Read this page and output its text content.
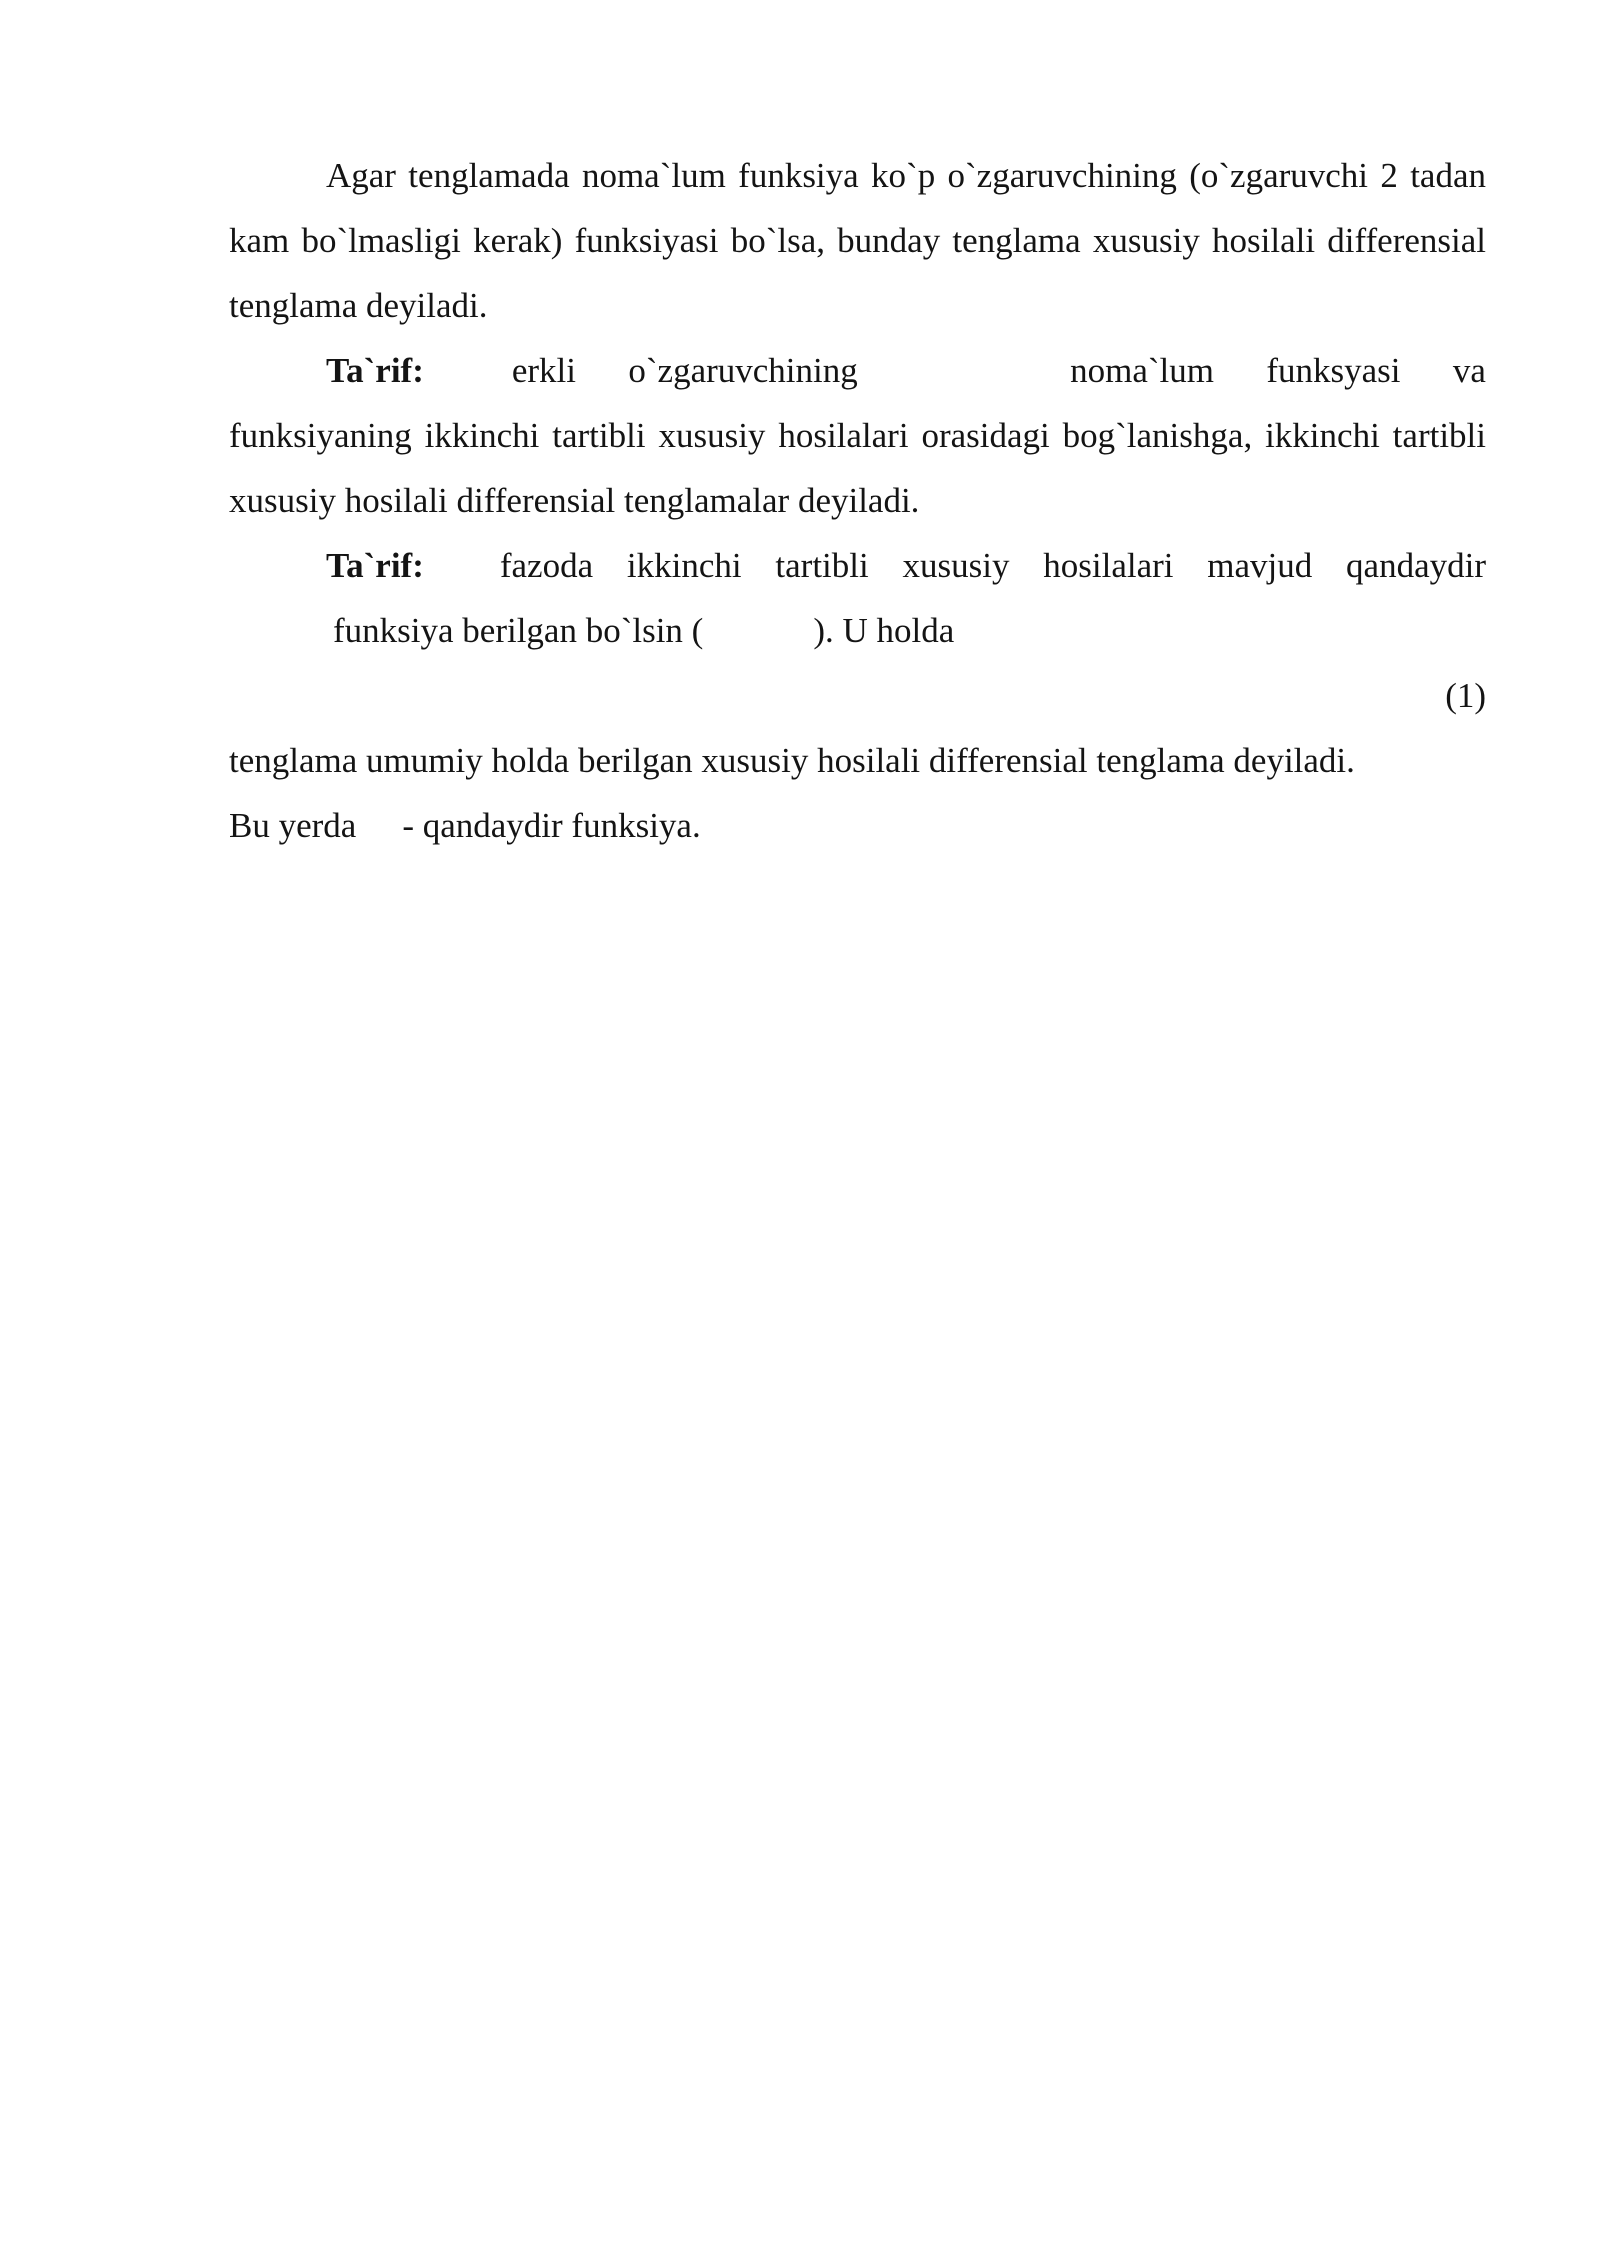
Agar tenglamada noma`lum funksiya ko`p o`zgaruvchining (o`zgaruvchi 2 tadan kam bo`lmasligi kerak) funksiyasi bo`lsa, bunday tenglama xususiy hosilali differensial tenglama deyiladi.

Ta`rif:	erkli o`zgaruvchining	noma`lum funksyasi va

funksiyaning ikkinchi tartibli xususiy hosilalari orasidagi bog`lanishga, ikkinchi tartibli xususiy hosilali differensial tenglamalar deyiladi.

Ta`rif: fazoda ikkinchi tartibli xususiy hosilalari mavjud qandaydir
funksiya berilgan bo`lsin (	). U holda
(1)
tenglama umumiy holda berilgan xususiy hosilali differensial tenglama deyiladi.
Bu yerda - qandaydir funksiya.
